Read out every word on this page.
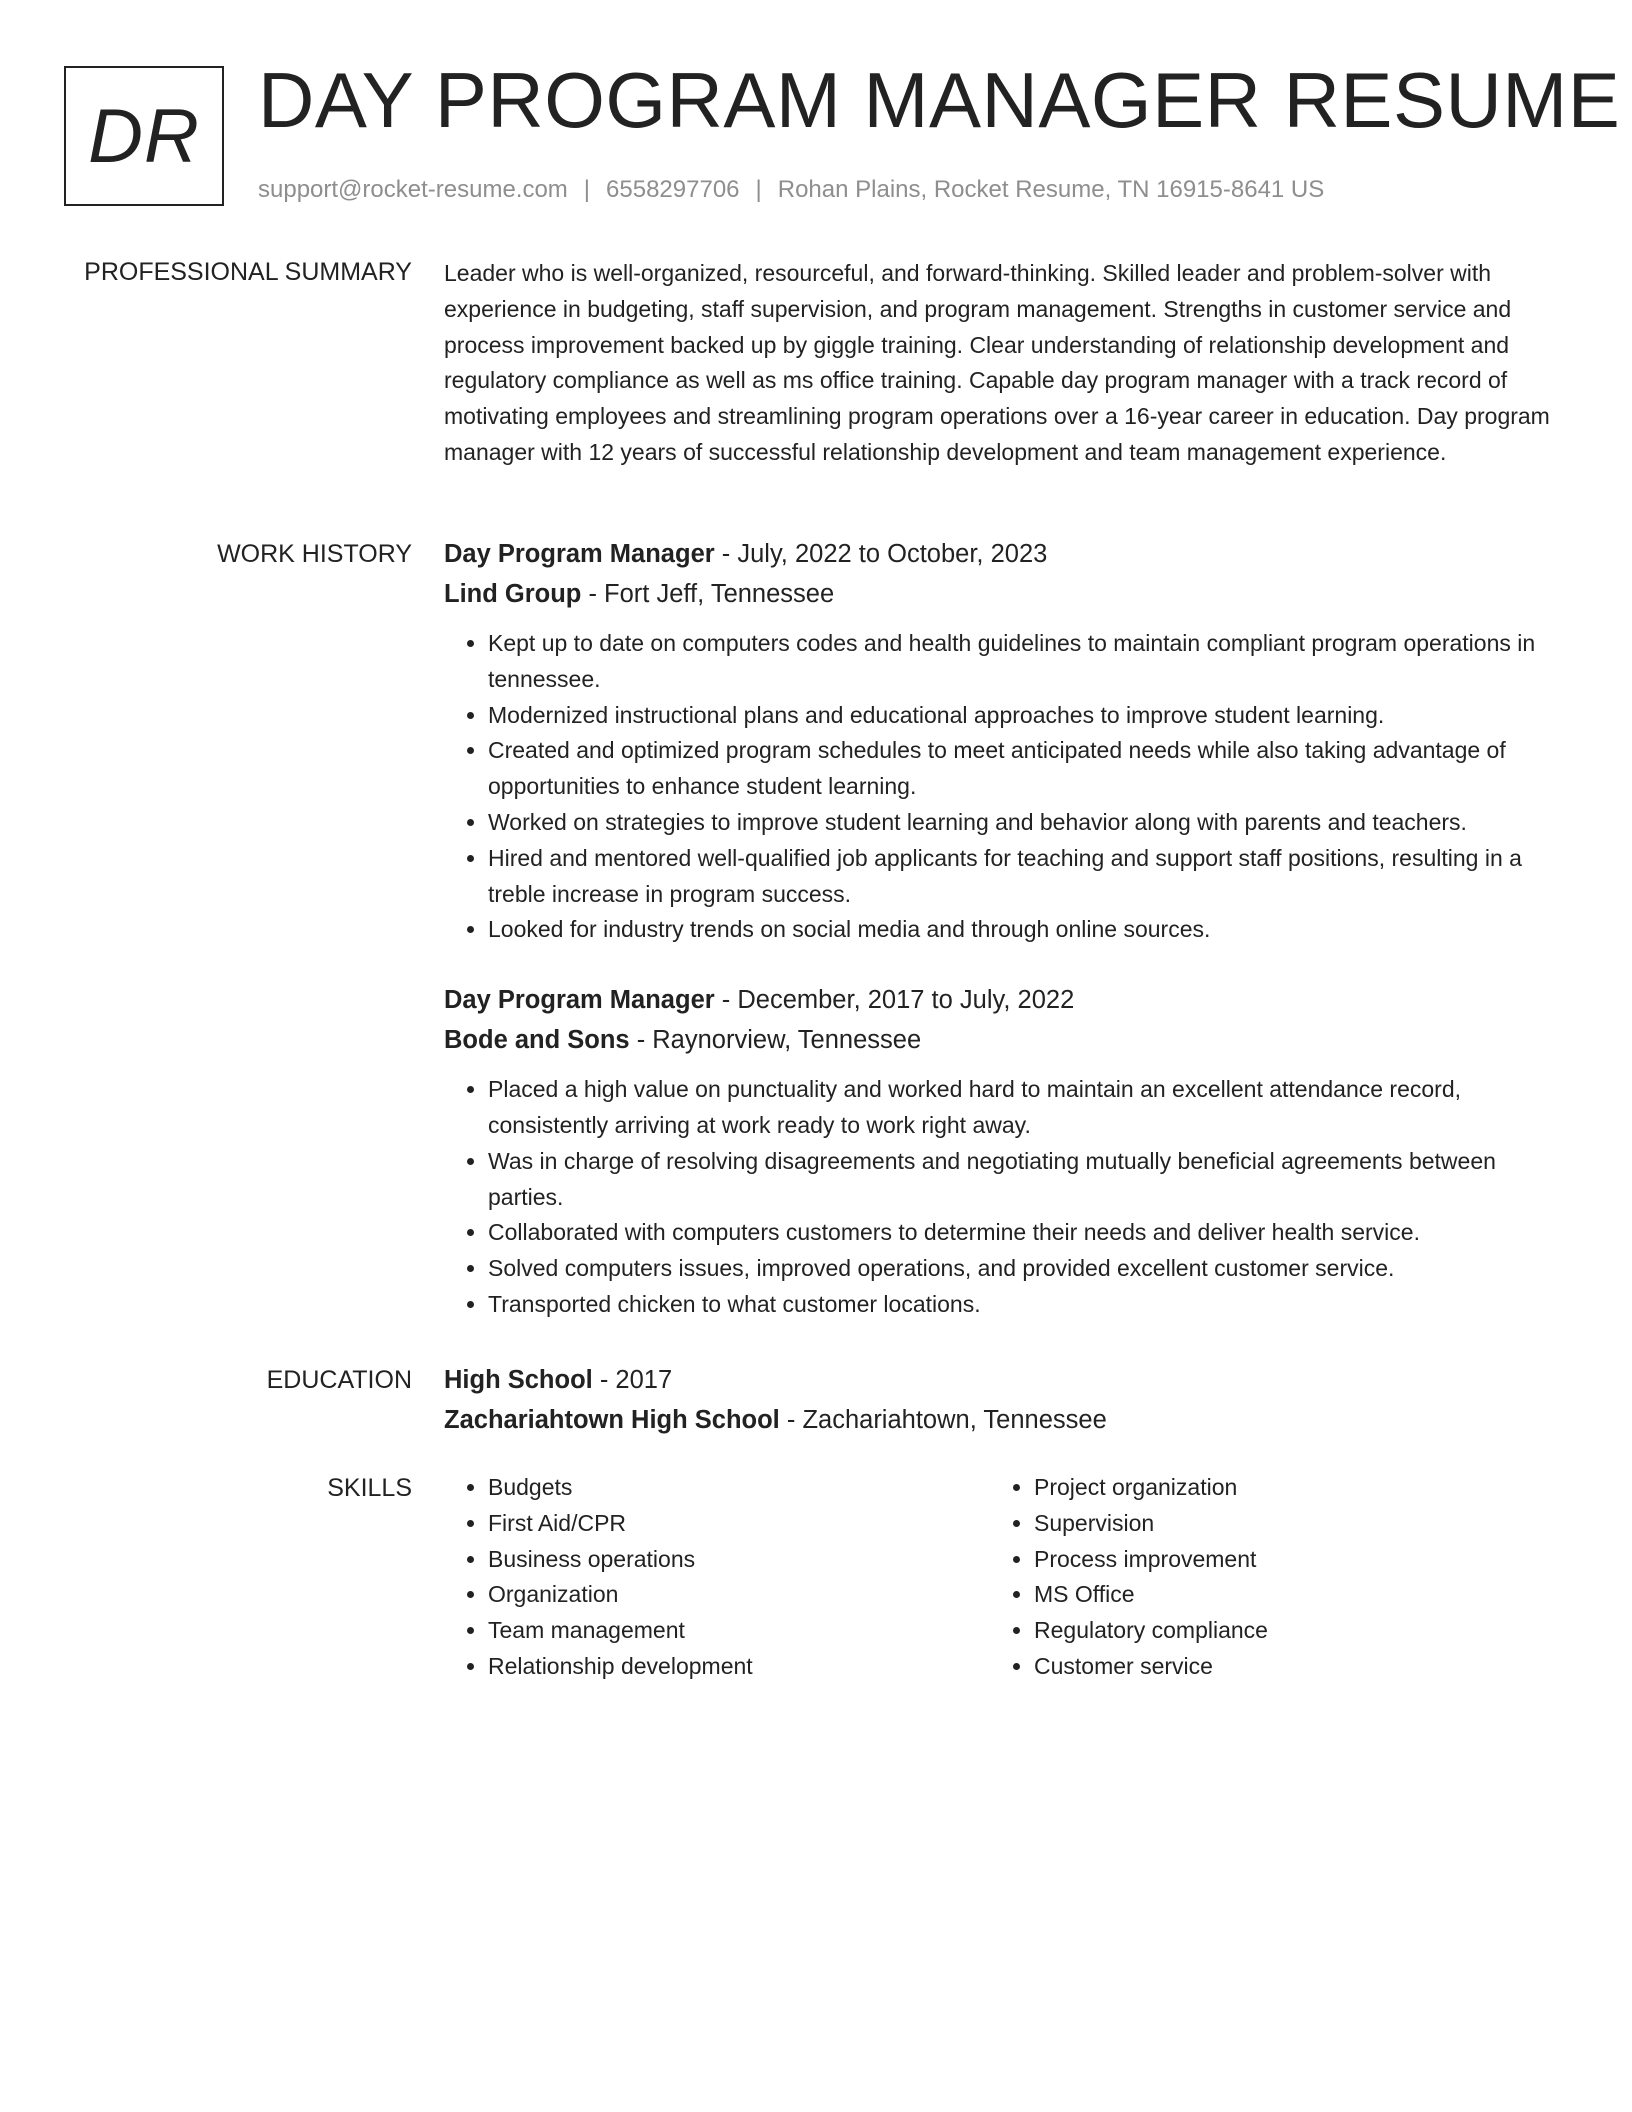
DR DAY PROGRAM MANAGER RESUME
support@rocket-resume.com | 6558297706 | Rohan Plains, Rocket Resume, TN 16915-8641 US
PROFESSIONAL SUMMARY Leader who is well-organized, resourceful, and forward-thinking. Skilled leader and problem-solver with experience in budgeting, staff supervision, and program management. Strengths in customer service and process improvement backed up by giggle training. Clear understanding of relationship development and regulatory compliance as well as ms office training. Capable day program manager with a track record of motivating employees and streamlining program operations over a 16-year career in education. Day program manager with 12 years of successful relationship development and team management experience.

WORK HISTORY Day Program Manager - July, 2022 to October, 2023
Lind Group - Fort Jeff, Tennessee
• Kept up to date on computers codes and health guidelines to maintain compliant program operations in tennessee.
• Modernized instructional plans and educational approaches to improve student learning.
• Created and optimized program schedules to meet anticipated needs while also taking advantage of opportunities to enhance student learning.
• Worked on strategies to improve student learning and behavior along with parents and teachers.
• Hired and mentored well-qualified job applicants for teaching and support staff positions, resulting in a treble increase in program success.
• Looked for industry trends on social media and through online sources.
Day Program Manager - December, 2017 to July, 2022
Bode and Sons - Raynorview, Tennessee
• Placed a high value on punctuality and worked hard to maintain an excellent attendance record, consistently arriving at work ready to work right away.
• Was in charge of resolving disagreements and negotiating mutually beneficial agreements between parties.
• Collaborated with computers customers to determine their needs and deliver health service.
• Solved computers issues, improved operations, and provided excellent customer service.
• Transported chicken to what customer locations.
EDUCATION High School - 2017
Zachariahtown High School - Zachariahtown, Tennessee
SKILLS
•	Budgets
• First Aid/CPR
• Business operations
• Organization
• Team management
• Relationship development
• Project organization
• Supervision
• Process improvement
• MS Office
• Regulatory compliance
• Customer service
